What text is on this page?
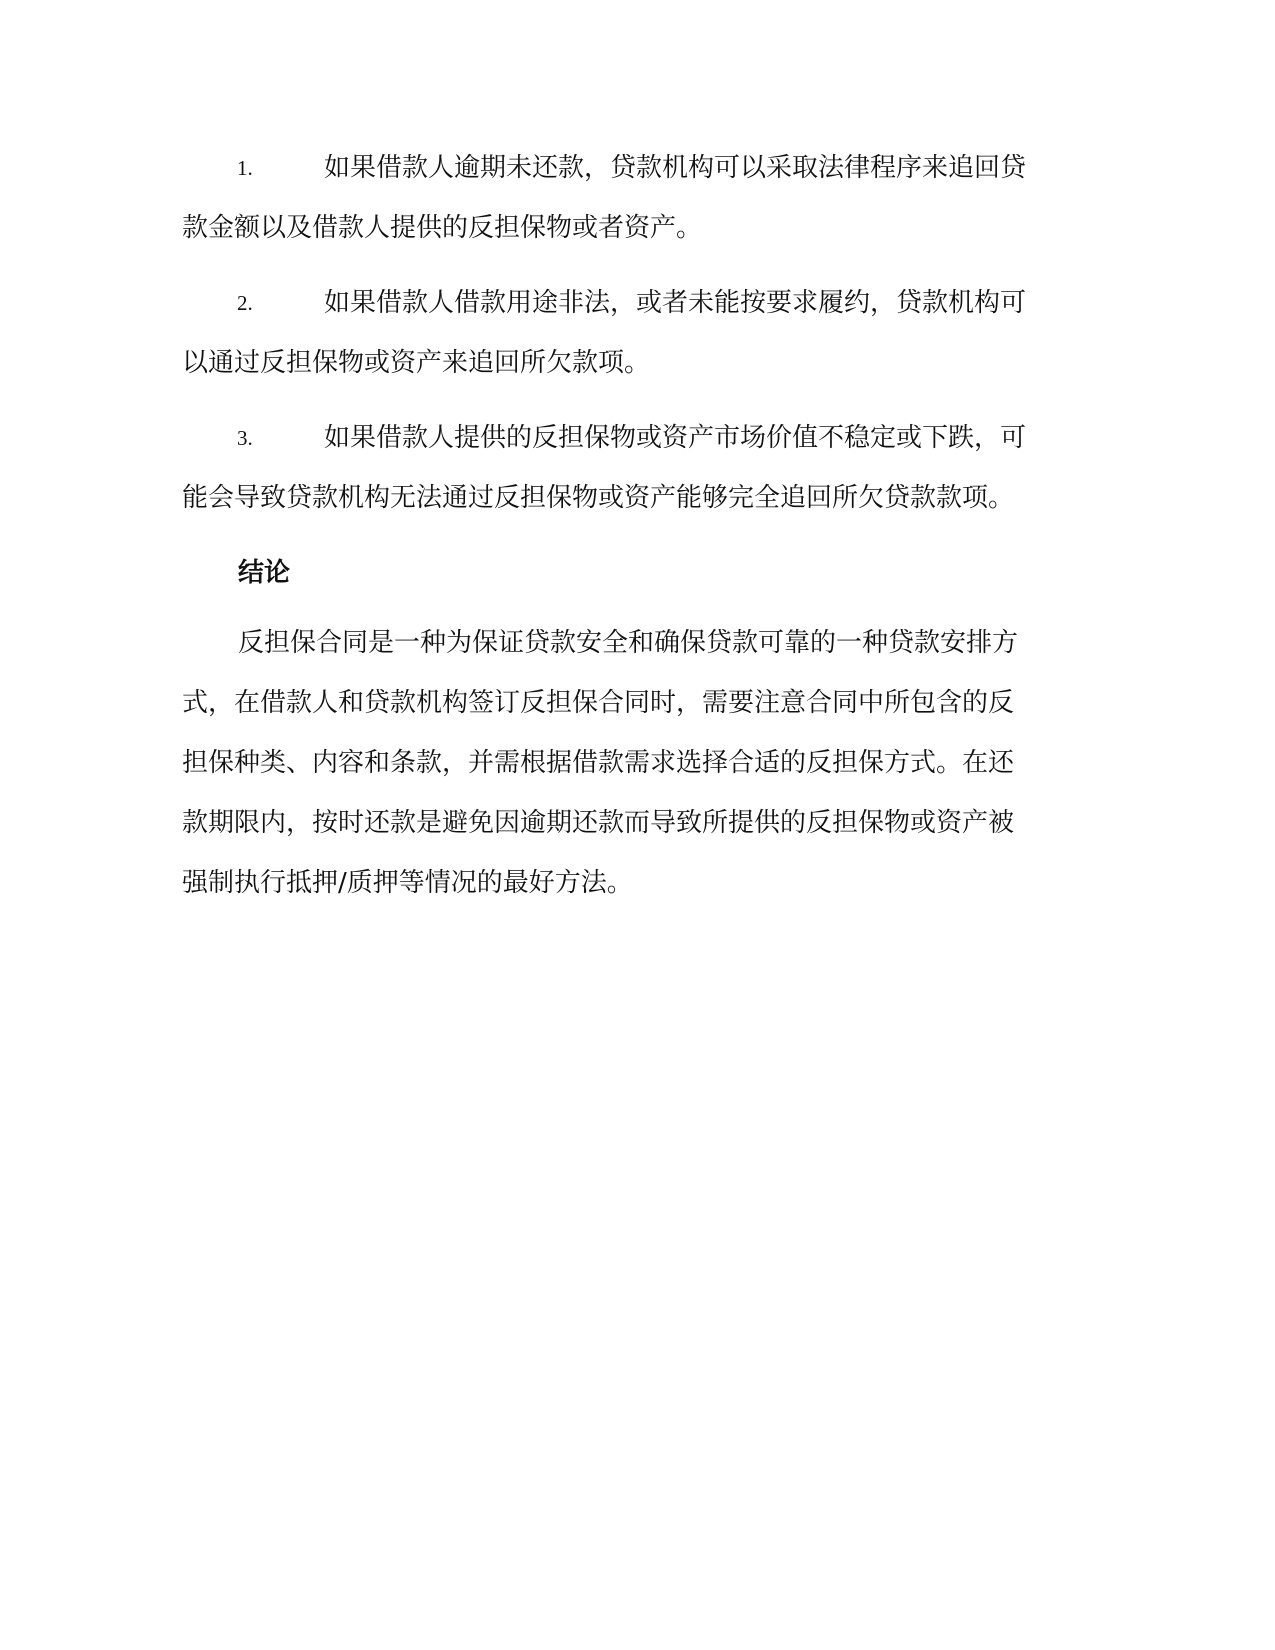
1.	如果借款人逾期未还款，贷款机构可以采取法律程序来追回贷款金额以及借款人提供的反担保物或者资产。

2.	如果借款人借款用途非法，或者未能按要求履约，贷款机构可以通过反担保物或资产来追回所欠款项。

3.	如果借款人提供的反担保物或资产市场价值不稳定或下跌，可能会导致贷款机构无法通过反担保物或资产能够完全追回所欠贷款款项。

结论

反担保合同是一种为保证贷款安全和确保贷款可靠的一种贷款安排方式，在借款人和贷款机构签订反担保合同时，需要注意合同中所包含的反担保种类、内容和条款，并需根据借款需求选择合适的反担保方式。在还款期限内，按时还款是避免因逾期还款而导致所提供的反担保物或资产被强制执行抵押/质押等情况的最好方法。
